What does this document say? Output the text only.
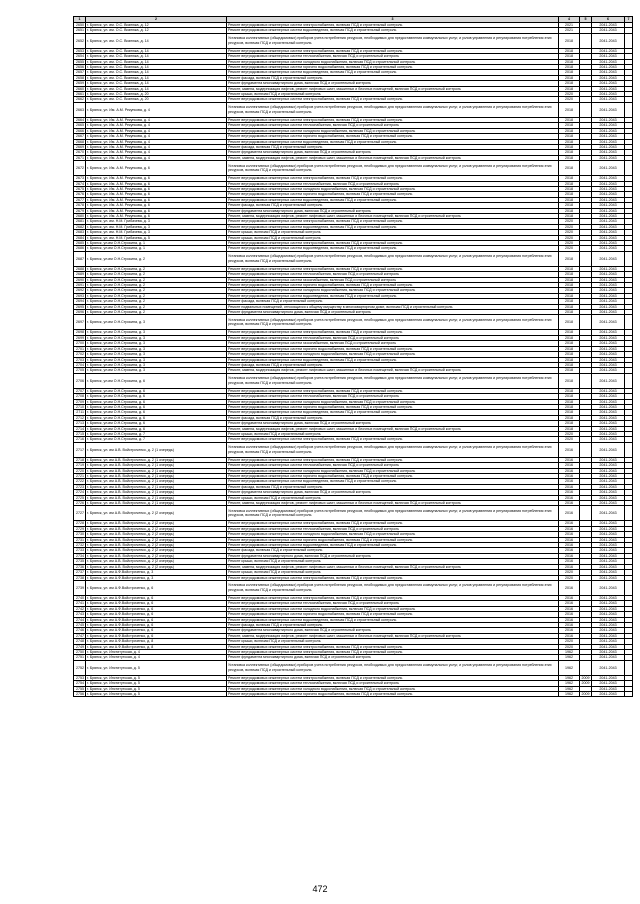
1	2	3	4	5	6	7
2650	г. Брянск, ул. им. О.С. Визнюка, д. 12	Ремонт внутридомовых инженерных систем электроснабжения, включая ПСД и строительный контроль	2021		2041-2043	
2651	г. Брянск, ул. им. О.С. Визнюка, д. 12	Ремонт внутридомовых инженерных систем водоотведения, включая ПСД и строительный контроль	2021		2041-2043	
2652	г. Брянск, ул. им. О.С. Визнюка, д. 14	Установка коллективных (общедомовых) приборов учета потребления ресурсов, необходимых для предоставления коммунальных услуг, и узлов управления и регулирования потребления этих ресурсов, включая ПСД и строительный контроль	2018		2041-2043	
2653	г. Брянск, ул. им. О.С. Визнюка, д. 14	Ремонт внутридомовых инженерных систем электроснабжения, включая ПСД и строительный контроль	2018		2041-2043	
2654	г. Брянск, ул. им. О.С. Визнюка, д. 14	Ремонт внутридомовых инженерных систем теплоснабжения, включая ПСД и строительный контроль	2018		2041-2043	
2655	г. Брянск, ул. им. О.С. Визнюка, д. 14	Ремонт внутридомовых инженерных систем холодного водоснабжения, включая ПСД и строительный контроль	2018		2041-2043	
2656	г. Брянск, ул. им. О.С. Визнюка, д. 14	Ремонт внутридомовых инженерных систем горячего водоснабжения, включая ПСД и строительный контроль	2018		2041-2043	
2657	г. Брянск, ул. им. О.С. Визнюка, д. 14	Ремонт внутридомовых инженерных систем водоотведения, включая ПСД и строительный контроль	2018		2041-2043	
2658	г. Брянск, ул. им. О.С. Визнюка, д. 14	Ремонт фасада, включая ПСД и строительный контроль	2018		2041-2043	
2659	г. Брянск, ул. им. О.С. Визнюка, д. 14	Ремонт фундамента многоквартирного дома, включая ПСД и строительный контроль	2018		2041-2043	
2660	г. Брянск, ул. им. О.С. Визнюка, д. 14	Ремонт, замена, модернизация лифтов, ремонт лифтовых шахт, машинных и блочных помещений, включая ПСД и строительный контроль	2018		2041-2043	
2661	г. Брянск, ул. им. О.С. Визнюка, д. 20	Ремонт крыши, включая ПСД и строительный контроль	2020		2041-2043	
2662	г. Брянск, ул. им. О.С. Визнюка, д. 20	Ремонт внутридомовых инженерных систем электроснабжения, включая ПСД и строительный контроль	2020		2041-2043	
2663	г. Брянск, ул. Им. А.М. Рекункова, д. 4	Установка коллективных (общедомовых) приборов учета потребления ресурсов, необходимых для предоставления коммунальных услуг, и узлов управления и регулирования потребления этих ресурсов, включая ПСД и строительный контроль	2018		2041-2043	
2664	г. Брянск, ул. Им. А.М. Рекункова, д. 4	Ремонт внутридомовых инженерных систем электроснабжения, включая ПСД и строительный контроль	2018		2041-2043	
2665	г. Брянск, ул. Им. А.М. Рекункова, д. 4	Ремонт внутридомовых инженерных систем теплоснабжения, включая ПСД и строительный контроль	2018		2041-2043	
2666	г. Брянск, ул. Им. А.М. Рекункова, д. 4	Ремонт внутридомовых инженерных систем холодного водоснабжения, включая ПСД и строительный контроль	2018		2041-2043	
2667	г. Брянск, ул. Им. А.М. Рекункова, д. 4	Ремонт внутридомовых инженерных систем горячего водоснабжения, включая ПСД и строительный контроль	2018		2041-2043	
2668	г. Брянск, ул. Им. А.М. Рекункова, д. 4	Ремонт внутридомовых инженерных систем водоотведения, включая ПСД и строительный контроль	2018		2041-2043	
2669	г. Брянск, ул. Им. А.М. Рекункова, д. 4	Ремонт фасада, включая ПСД и строительный контроль	2018		2041-2043	
2670	г. Брянск, ул. Им. А.М. Рекункова, д. 4	Ремонт фундамента многоквартирного дома, включая ПСД и строительный контроль	2018		2041-2043	
2671	г. Брянск, ул. Им. А.М. Рекункова, д. 4	Ремонт, замена, модернизация лифтов, ремонт лифтовых шахт, машинных и блочных помещений, включая ПСД и строительный контроль	2018		2041-2043	
2672	г. Брянск, ул. Им. А.М. Рекункова, д. 6	Установка коллективных (общедомовых) приборов учета потребления ресурсов, необходимых для предоставления коммунальных услуг, и узлов управления и регулирования потребления этих ресурсов, включая ПСД и строительный контроль	2018		2041-2043	
2673	г. Брянск, ул. Им. А.М. Рекункова, д. 6	Ремонт внутридомовых инженерных систем электроснабжения, включая ПСД и строительный контроль	2018		2041-2043	
2674	г. Брянск, ул. Им. А.М. Рекункова, д. 6	Ремонт внутридомовых инженерных систем теплоснабжения, включая ПСД и строительный контроль	2018		2041-2043	
2675	г. Брянск, ул. Им. А.М. Рекункова, д. 6	Ремонт внутридомовых инженерных систем холодного водоснабжения, включая ПСД и строительный контроль	2018		2041-2043	
2676	г. Брянск, ул. Им. А.М. Рекункова, д. 6	Ремонт внутридомовых инженерных систем горячего водоснабжения, включая ПСД и строительный контроль	2018		2041-2043	
2677	г. Брянск, ул. Им. А.М. Рекункова, д. 6	Ремонт внутридомовых инженерных систем водоотведения, включая ПСД и строительный контроль	2018		2041-2043	
2678	г. Брянск, ул. Им. А.М. Рекункова, д. 6	Ремонт фасада, включая ПСД и строительный контроль	2018		2041-2043	
2679	г. Брянск, ул. Им. А.М. Рекункова, д. 6	Ремонт фундамента многоквартирного дома, включая ПСД и строительный контроль	2018		2041-2043	
2680	г. Брянск, ул. Им. А.М. Рекункова, д. 6	Ремонт, замена, модернизация лифтов, ремонт лифтовых шахт, машинных и блочных помещений, включая ПСД и строительный контроль	2018		2041-2043	
2681	г. Брянск, ул. им. Н.М. Грибачева, д. 3	Ремонт внутридомовых инженерных систем электроснабжения, включая ПСД и строительный контроль	2020		2041-2043	
2682	г. Брянск, ул. им. Н.М. Грибачева, д. 3	Ремонт внутридомовых инженерных систем водоотведения, включая ПСД и строительный контроль	2020		2041-2043	
2683	г. Брянск, ул. им. Н.М. Грибачева, д. 3	Ремонт крыши, включая ПСД и строительный контроль	2020		2041-2043	
2684	г. Брянск, ул. им. Н.М. Грибачева, д. 5	Ремонт крыши, включая ПСД и строительный контроль	2020		2041-2043	
2685	г. Брянск, ул.им О.Н.Строкина, д. 1	Ремонт внутридомовых инженерных систем электроснабжения, включая ПСД и строительный контроль	2020		2041-2043	
2686	г. Брянск, ул.им О.Н.Строкина, д. 1	Ремонт внутридомовых инженерных систем водоотведения, включая ПСД и строительный контроль	2020		2041-2043	
2687	г. Брянск, ул.им О.Н.Строкина, д. 2	Установка коллективных (общедомовых) приборов учета потребления ресурсов, необходимых для предоставления коммунальных услуг, и узлов управления и регулирования потребления этих ресурсов, включая ПСД и строительный контроль	2018		2041-2043	
2688	г. Брянск, ул.им О.Н.Строкина, д. 2	Ремонт внутридомовых инженерных систем электроснабжения, включая ПСД и строительный контроль	2018		2041-2043	
2689	г. Брянск, ул.им О.Н.Строкина, д. 2	Ремонт внутридомовых инженерных систем теплоснабжения, включая ПСД и строительный контроль	2018		2041-2043	
2690	г. Брянск, ул.им О.Н.Строкина, д. 2	Ремонт внутридомовых инженерных систем газоснабжения, включая ПСД и строительный контроль	2018		2041-2043	
2691	г. Брянск, ул.им О.Н.Строкина, д. 2	Ремонт внутридомовых инженерных систем горячего водоснабжения, включая ПСД и строительный контроль	2018		2041-2043	
2692	г. Брянск, ул.им О.Н.Строкина, д. 2	Ремонт внутридомовых инженерных систем холодного водоснабжения, включая ПСД и строительный контроль	2018		2041-2043	
2693	г. Брянск, ул.им О.Н.Строкина, д. 2	Ремонт внутридомовых инженерных систем водоотведения, включая ПСД и строительный контроль	2018		2041-2043	
2694	г. Брянск, ул.им О.Н.Строкина, д. 2	Ремонт фасада, включая ПСД и строительный контроль	2018		2041-2043	
2695	г. Брянск, ул.им О.Н.Строкина, д. 2	Ремонт подвальных помещений, относящихся к общему имуществу в многоквартирном доме, включая ПСД и строительный контроль	2018		2041-2043	
2696	г. Брянск, ул.им О.Н.Строкина, д. 2	Ремонт фундамента многоквартирного дома, включая ПСД и строительный контроль	2018		2041-2043	
2697	г. Брянск, ул.им О.Н.Строкина, д. 3	Установка коллективных (общедомовых) приборов учета потребления ресурсов, необходимых для предоставления коммунальных услуг, и узлов управления и регулирования потребления этих ресурсов, включая ПСД и строительный контроль	2018		2041-2043	
2698	г. Брянск, ул.им О.Н.Строкина, д. 3	Ремонт внутридомовых инженерных систем электроснабжения, включая ПСД и строительный контроль	2018		2041-2043	
2699	г. Брянск, ул.им О.Н.Строкина, д. 3	Ремонт внутридомовых инженерных систем теплоснабжения, включая ПСД и строительный контроль	2018		2041-2043	
2700	г. Брянск, ул.им О.Н.Строкина, д. 3	Ремонт внутридомовых инженерных систем газоснабжения, включая ПСД и строительный контроль	2018		2041-2043	
2701	г. Брянск, ул.им О.Н.Строкина, д. 3	Ремонт внутридомовых инженерных систем горячего водоснабжения, включая ПСД и строительный контроль	2018		2041-2043	
2702	г. Брянск, ул.им О.Н.Строкина, д. 3	Ремонт внутридомовых инженерных систем холодного водоснабжения, включая ПСД и строительный контроль	2018		2041-2043	
2703	г. Брянск, ул.им О.Н.Строкина, д. 3	Ремонт внутридомовых инженерных систем водоотведения, включая ПСД и строительный контроль	2018		2041-2043	
2704	г. Брянск, ул.им О.Н.Строкина, д. 3	Ремонт фасада, включая ПСД и строительный контроль	2018		2041-2043	
2705	г. Брянск, ул.им О.Н.Строкина, д. 3	Ремонт, замена, модернизация лифтов, ремонт лифтовых шахт, машинных и блочных помещений, включая ПСД и строительный контроль	2018		2041-2043	
2706	г. Брянск, ул.им О.Н.Строкина, д. 6	Установка коллективных (общедомовых) приборов учета потребления ресурсов, необходимых для предоставления коммунальных услуг, и узлов управления и регулирования потребления этих ресурсов, включая ПСД и строительный контроль	2018		2041-2043	
2707	г. Брянск, ул.им О.Н.Строкина, д. 6	Ремонт внутридомовых инженерных систем электроснабжения, включая ПСД и строительный контроль	2018		2041-2043	
2708	г. Брянск, ул.им О.Н.Строкина, д. 6	Ремонт внутридомовых инженерных систем теплоснабжения, включая ПСД и строительный контроль	2018		2041-2043	
2709	г. Брянск, ул.им О.Н.Строкина, д. 6	Ремонт внутридомовых инженерных систем холодного водоснабжения, включая ПСД и строительный контроль	2018		2041-2043	
2710	г. Брянск, ул.им О.Н.Строкина, д. 6	Ремонт внутридомовых инженерных систем горячего водоснабжения, включая ПСД и строительный контроль	2018		2041-2043	
2711	г. Брянск, ул.им О.Н.Строкина, д. 6	Ремонт внутридомовых инженерных систем водоотведения, включая ПСД и строительный контроль	2018		2041-2043	
2712	г. Брянск, ул.им О.Н.Строкина, д. 6	Ремонт фасада, включая ПСД и строительный контроль	2018		2041-2043	
2713	г. Брянск, ул.им О.Н.Строкина, д. 6	Ремонт фундамента многоквартирного дома, включая ПСД и строительный контроль	2018		2041-2043	
2714	г. Брянск, ул.им О.Н.Строкина, д. 6	Ремонт, замена, модернизация лифтов, ремонт лифтовых шахт, машинных и блочных помещений, включая ПСД и строительный контроль	2018		2041-2043	
2715	г. Брянск, ул.им О.Н.Строкина, д. 7	Ремонт крыши, включая ПСД и строительный контроль	2020		2041-2043	
2716	г. Брянск, ул.им О.Н.Строкина, д. 7	Ремонт внутридомовых инженерных систем электроснабжения, включая ПСД и строительный контроль	2020		2041-2043	
2717	г. Брянск, ул. им А.В. Войстроченко, д. 2 (1 очередь)	Установка коллективных (общедомовых) приборов учета потребления ресурсов, необходимых для предоставления коммунальных услуг, и узлов управления и регулирования потребления этих ресурсов, включая ПСД и строительный контроль	2016		2041-2043	
2718	г. Брянск, ул. им А.В. Войстроченко, д. 2 (1 очередь)	Ремонт внутридомовых инженерных систем электроснабжения, включая ПСД и строительный контроль	2016		2041-2043	
2719	г. Брянск, ул. им А.В. Войстроченко, д. 2 (1 очередь)	Ремонт внутридомовых инженерных систем теплоснабжения, включая ПСД и строительный контроль	2016		2041-2043	
2720	г. Брянск, ул. им А.В. Войстроченко, д. 2 (1 очередь)	Ремонт внутридомовых инженерных систем холодного водоснабжения, включая ПСД и строительный контроль	2016		2041-2043	
2721	г. Брянск, ул. им А.В. Войстроченко, д. 2 (1 очередь)	Ремонт внутридомовых инженерных систем горячего водоснабжения, включая ПСД и строительный контроль	2016		2041-2043	
2722	г. Брянск, ул. им А.В. Войстроченко, д. 2 (1 очередь)	Ремонт внутридомовых инженерных систем водоотведения, включая ПСД и строительный контроль	2016		2041-2043	
2723	г. Брянск, ул. им А.В. Войстроченко, д. 2 (1 очередь)	Ремонт фасада, включая ПСД и строительный контроль	2016		2041-2043	
2724	г. Брянск, ул. им А.В. Войстроченко, д. 2 (1 очередь)	Ремонт фундамента многоквартирного дома, включая ПСД и строительный контроль	2016		2041-2043	
2725	г. Брянск, ул. им А.В. Войстроченко, д. 2 (1 очередь)	Ремонт крыши, включая ПСД и строительный контроль	2016		2041-2043	
2726	г. Брянск, ул. им А.В. Войстроченко, д. 2 (1 очередь)	Ремонт, замена, модернизация лифтов, ремонт лифтовых шахт, машинных и блочных помещений, включая ПСД и строительный контроль	2016		2041-2043	
2727	г. Брянск, ул. им А.В. Войстроченко, д. 2 (2 очередь)	Установка коллективных (общедомовых) приборов учета потребления ресурсов, необходимых для предоставления коммунальных услуг, и узлов управления и регулирования потребления этих ресурсов, включая ПСД и строительный контроль	2016		2041-2043	
2728	г. Брянск, ул. им А.В. Войстроченко, д. 2 (2 очередь)	Ремонт внутридомовых инженерных систем электроснабжения, включая ПСД и строительный контроль	2016		2041-2043	
2729	г. Брянск, ул. им А.В. Войстроченко, д. 2 (2 очередь)	Ремонт внутридомовых инженерных систем теплоснабжения, включая ПСД и строительный контроль	2016		2041-2043	
2730	г. Брянск, ул. им А.В. Войстроченко, д. 2 (2 очередь)	Ремонт внутридомовых инженерных систем холодного водоснабжения, включая ПСД и строительный контроль	2016		2041-2043	
2731	г. Брянск, ул. им А.В. Войстроченко, д. 2 (2 очередь)	Ремонт внутридомовых инженерных систем горячего водоснабжения, включая ПСД и строительный контроль	2016		2041-2043	
2732	г. Брянск, ул. им А.В. Войстроченко, д. 2 (2 очередь)	Ремонт внутридомовых инженерных систем водоотведения, включая ПСД и строительный контроль	2016		2041-2043	
2733	г. Брянск, ул. им А.В. Войстроченко, д. 2 (2 очередь)	Ремонт фасада, включая ПСД и строительный контроль	2016		2041-2043	
2734	г. Брянск, ул. им А.В. Войстроченко, д. 2 (2 очередь)	Ремонт фундамента многоквартирного дома, включая ПСД и строительный контроль	2016		2041-2043	
2735	г. Брянск, ул. им А.В. Войстроченко, д. 2 (2 очередь)	Ремонт крыши, включая ПСД и строительный контроль	2016		2041-2043	
2736	г. Брянск, ул. им А.В. Войстроченко, д. 2 (2 очередь)	Ремонт, замена, модернизация лифтов, ремонт лифтовых шахт, машинных и блочных помещений, включая ПСД и строительный контроль	2016		2041-2043	
2737	г. Брянск, ул. им А.Ф.Войстроченко, д. 3	Ремонт крыши, включая ПСД и строительный контроль	2020		2041-2043	
2738	г. Брянск, ул. им А.Ф.Войстроченко, д. 3	Ремонт внутридомовых инженерных систем электроснабжения, включая ПСД и строительный контроль	2020		2041-2043	
2739	г. Брянск, ул. им А.Ф.Войстроченко, д. 6	Установка коллективных (общедомовых) приборов учета потребления ресурсов, необходимых для предоставления коммунальных услуг, и узлов управления и регулирования потребления этих ресурсов, включая ПСД и строительный контроль	2016		2041-2043	
2740	г. Брянск, ул. им А.Ф.Войстроченко, д. 6	Ремонт внутридомовых инженерных систем электроснабжения, включая ПСД и строительный контроль	2016		2041-2043	
2741	г. Брянск, ул. им А.Ф.Войстроченко, д. 6	Ремонт внутридомовых инженерных систем теплоснабжения, включая ПСД и строительный контроль	2016		2041-2043	
2742	г. Брянск, ул. им А.Ф.Войстроченко, д. 6	Ремонт внутридомовых инженерных систем холодного водоснабжения, включая ПСД и строительный контроль	2016		2041-2043	
2743	г. Брянск, ул. им А.Ф.Войстроченко, д. 6	Ремонт внутридомовых инженерных систем горячего водоснабжения, включая ПСД и строительный контроль	2016		2041-2043	
2744	г. Брянск, ул. им А.Ф.Войстроченко, д. 6	Ремонт внутридомовых инженерных систем водоотведения, включая ПСД и строительный контроль	2016		2041-2043	
2745	г. Брянск, ул. им А.Ф.Войстроченко, д. 6	Ремонт фасада, включая ПСД и строительный контроль	2016		2041-2043	
2746	г. Брянск, ул. им А.Ф.Войстроченко, д. 6	Ремонт фундамента многоквартирного дома, включая ПСД и строительный контроль	2016		2041-2043	
2747	г. Брянск, ул. им А.Ф.Войстроченко, д. 6	Ремонт, замена, модернизация лифтов, ремонт лифтовых шахт, машинных и блочных помещений, включая ПСД и строительный контроль	2016		2041-2043	
2748	г. Брянск, ул. им А.Ф.Войстроченко, д. 8	Ремонт крыши, включая ПСД и строительный контроль	2020		2041-2043	
2749	г. Брянск, ул. им А.Ф.Войстроченко, д. 8	Ремонт внутридомовых инженерных систем электроснабжения, включая ПСД и строительный контроль	2020		2041-2043	
2750	г. Брянск, ул. Институтская, д. 4	Ремонт внутридомовых инженерных систем электроснабжения, включая ПСД и строительный контроль	1962		2041-2043	
2751	г. Брянск, ул. Институтская, д. 4	Ремонт фундамента многоквартирного дома, включая ПСД и строительный контроль	1962		2041-2043	
2752	г. Брянск, ул. Институтская, д. 5	Установка коллективных (общедомовых) приборов учета потребления ресурсов, необходимых для предоставления коммунальных услуг, и узлов управления и регулирования потребления этих ресурсов, включая ПСД и строительный контроль	1962		2041-2043	
2753	г. Брянск, ул. Институтская, д. 5	Ремонт внутридомовых инженерных систем электроснабжения, включая ПСД и строительный контроль	1962	2009	2041-2043	
2754	г. Брянск, ул. Институтская, д. 5	Ремонт внутридомовых инженерных систем теплоснабжения, включая ПСД и строительный контроль	1962	2009	2041-2043	
2755	г. Брянск, ул. Институтская, д. 5	Ремонт внутридомовых инженерных систем холодного водоснабжения, включая ПСД и строительный контроль	1962		2041-2043	
2756	г. Брянск, ул. Институтская, д. 5	Ремонт внутридомовых инженерных систем горячего водоснабжения, включая ПСД и строительный контроль	1962	2009	2041-2043	
472
